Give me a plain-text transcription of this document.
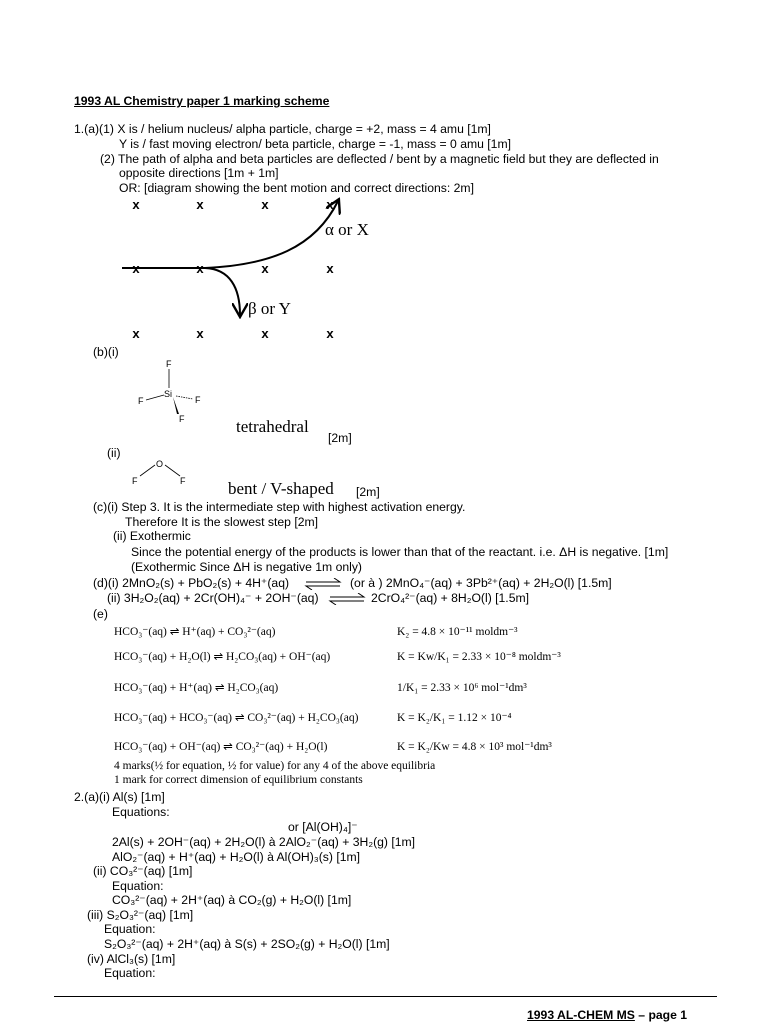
1993 AL Chemistry paper 1 marking scheme
1.(a)(1) X is / helium nucleus/ alpha particle, charge = +2, mass = 4 amu [1m]
Y is / fast moving electron/ beta particle, charge = -1, mass = 0 amu [1m]
(2) The path of alpha and beta particles are deflected / bent by a magnetic field but they are deflected in
opposite directions [1m + 1m]
OR: [diagram showing the bent motion and correct directions: 2m]
x	x	x	x
x	x	x	x
x	x	x	x
α or X
β or Y
(b)(i)
F
Si
F	F
F	tetrahedral
[2m]
(ii)
F
O
F	bent / V-shaped [2m]
(c)(i) Step 3. It is the intermediate step with highest activation energy.
Therefore It is the slowest step [2m]
(ii) Exothermic
Since the potential energy of the products is lower than that of the reactant. i.e. ΔH is negative. [1m]
(Exothermic Since ΔH is negative 1m only)
(d)(i) 2MnO₂(s) + PbO₂(s) + 4H⁺(aq) ⇌ (or à ) 2MnO₄⁻(aq) + 3Pb²⁺(aq) + 2H₂O(l) [1.5m]
(ii) 3H₂O₂(aq) + 2Cr(OH)₄⁻ + 2OH⁻(aq) ⇌ 2CrO₄²⁻(aq) + 8H₂O(l) [1.5m]
(e)
HCO₃⁻(aq) ⇌ H⁺(aq) + CO₃²⁻(aq)	K₂ = 4.8 × 10⁻¹¹ moldm⁻³
HCO₃⁻(aq) + H₂O(l) ⇌ H₂CO₃(aq) + OH⁻(aq)	K = Kw/K₁ = 2.33 × 10⁻⁸ moldm⁻³
HCO₃⁻(aq) + H⁺(aq) ⇌ H₂CO₃(aq)	1/K₁ = 2.33 × 10⁶ mol⁻¹dm³
HCO₃⁻(aq) + HCO₃⁻(aq) ⇌ CO₃²⁻(aq) + H₂CO₃(aq)	K = K₂/K₁ = 1.12 × 10⁻⁴
HCO₃⁻(aq) + OH⁻(aq) ⇌ CO₃²⁻(aq) + H₂O(l)	K = K₂/Kw = 4.8 × 10³ mol⁻¹dm³
4 marks(½ for equation, ½ for value) for any 4 of the above equilibria
1 mark for correct dimension of equilibrium constants
2.(a)(i) Al(s) [1m]
Equations:
or [Al(OH)₄]⁻
2Al(s) + 2OH⁻(aq) + 2H₂O(l) à 2AlO₂⁻(aq) + 3H₂(g) [1m]
AlO₂⁻(aq) + H⁺(aq) + H₂O(l) à Al(OH)₃(s) [1m]
(ii) CO₃²⁻(aq) [1m]
Equation:
CO₃²⁻(aq) + 2H⁺(aq) à CO₂(g) + H₂O(l) [1m]
(iii) S₂O₃²⁻(aq) [1m]
Equation:
S₂O₃²⁻(aq) + 2H⁺(aq) à S(s) + 2SO₂(g) + H₂O(l) [1m]
(iv) AlCl₃(s) [1m]
Equation:
1993 AL-CHEM MS – page 1
